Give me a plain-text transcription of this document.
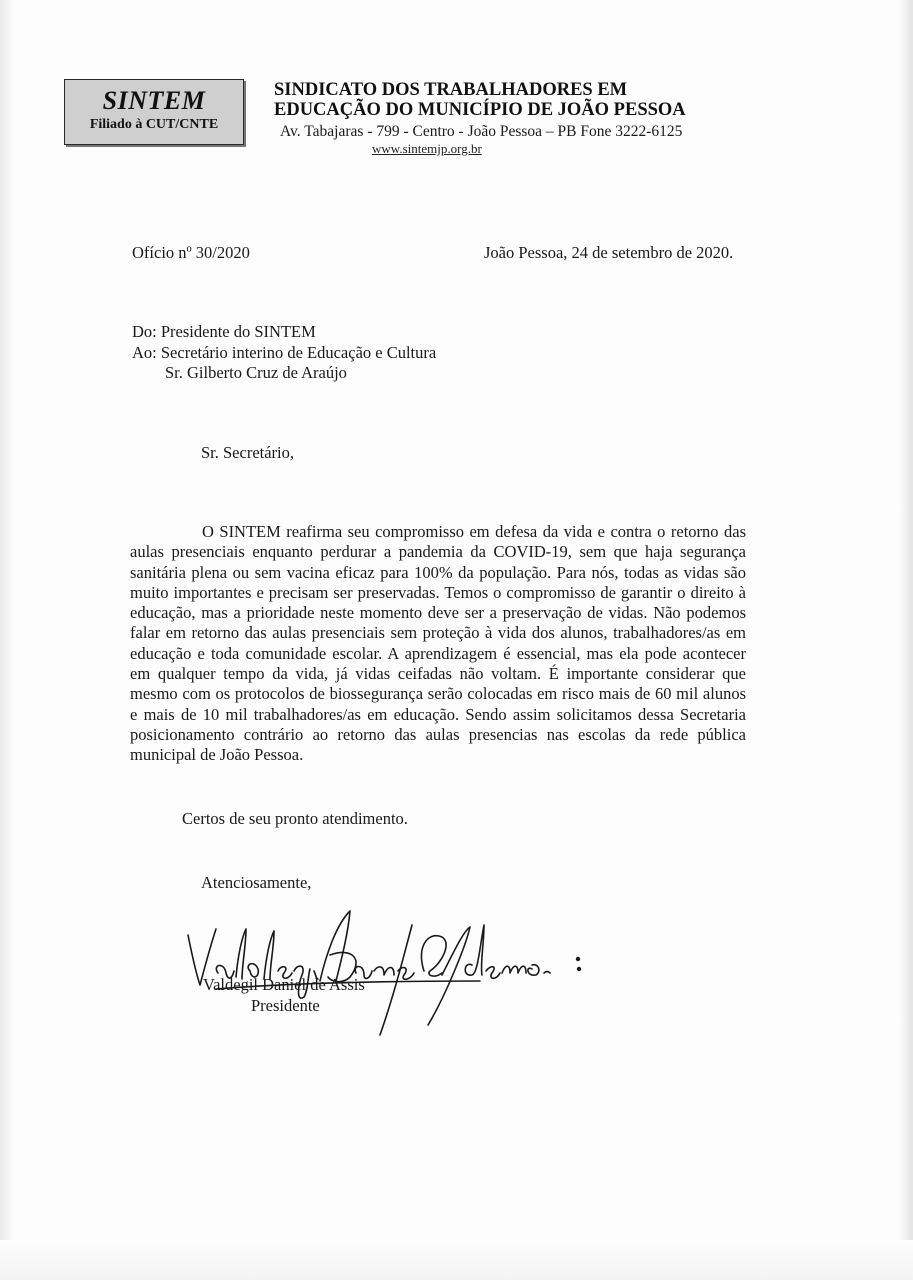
SINTEM
Filiado à CUT/CNTE
SINDICATO DOS TRABALHADORES EM
EDUCAÇÃO DO MUNICÍPIO DE JOÃO PESSOA
Av. Tabajaras - 799 - Centro - João Pessoa – PB Fone 3222-6125
www.sintemjp.org.br
Ofício nº 30/2020	João Pessoa, 24 de setembro de 2020.
Do: Presidente do SINTEM
Ao: Secretário interino de Educação e Cultura
Sr. Gilberto Cruz de Araújo
Sr. Secretário,
O SINTEM reafirma seu compromisso em defesa da vida e contra o retorno das aulas presenciais enquanto perdurar a pandemia da COVID-19, sem que haja segurança sanitária plena ou sem vacina eficaz para 100% da população. Para nós, todas as vidas são muito importantes e precisam ser preservadas. Temos o compromisso de garantir o direito à educação, mas a prioridade neste momento deve ser a preservação de vidas. Não podemos falar em retorno das aulas presenciais sem proteção à vida dos alunos, trabalhadores/as em educação e toda comunidade escolar. A aprendizagem é essencial, mas ela pode acontecer em qualquer tempo da vida, já vidas ceifadas não voltam. É importante considerar que mesmo com os protocolos de biossegurança serão colocadas em risco mais de 60 mil alunos e mais de 10 mil trabalhadores/as em educação. Sendo assim solicitamos dessa Secretaria posicionamento contrário ao retorno das aulas presencias nas escolas da rede pública municipal de João Pessoa.
Certos de seu pronto atendimento.
Atenciosamente,
Valdegil Daniel de Assis
Presidente
